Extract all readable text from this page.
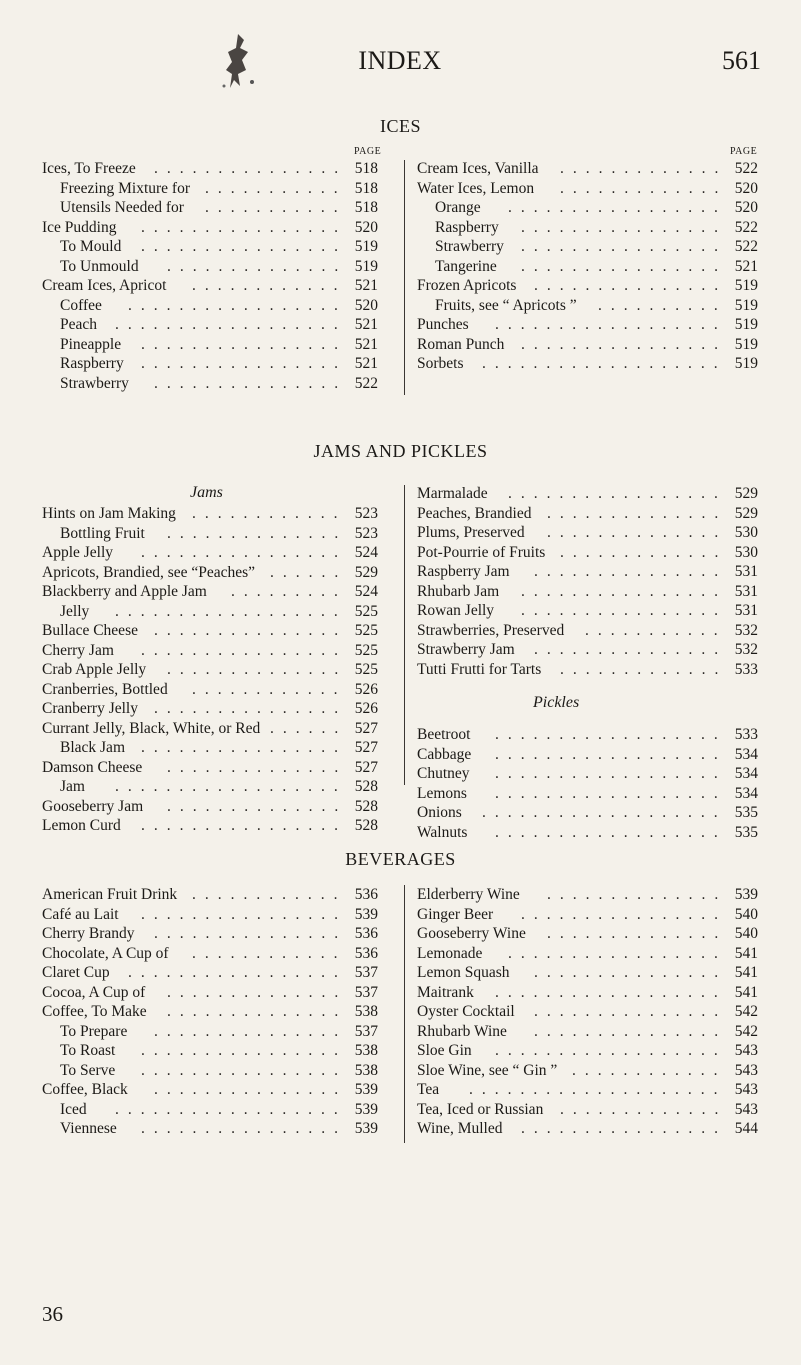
INDEX	561
ICES
PAGE	PAGE
Ices, To Freeze	518
...............
Freezing Mixture for	518
...........
Utensils Needed for	518
...........
Ice Pudding	520
................
To Mould	519
................
To Unmould	519
..............
Cream Ices, Apricot	521
............
Coffee	520
.................
Peach	521
..................
Pineapple	521
................
Raspberry	521
................
Strawberry	522
...............
Cream Ices, Vanilla	522
.............
Water Ices, Lemon	520
.............
Orange	520
.................
Raspberry	522
................
Strawberry	522
................
Tangerine	521
................
Frozen Apricots	519
...............
Fruits, see “ Apricots ”	519
..........
Punches	519
..................
Roman Punch	519
................
Sorbets	519
...................
JAMS AND PICKLES
Jams
Hints on Jam Making	523
............
Bottling Fruit	523
..............
Apple Jelly	524
................
Apricots, Brandied, see “Peaches”	529
......
Blackberry and Apple Jam	524
.........
Jelly	525
..................
Bullace Cheese	525
...............
Cherry Jam	525
................
Crab Apple Jelly	525
..............
Cranberries, Bottled	526
............
Cranberry Jelly	526
...............
Currant Jelly, Black, White, or Red	527
......
Black Jam	527
................
Damson Cheese	527
..............
Jam	528
..................
Gooseberry Jam	528
..............
Lemon Curd	528
................
Marmalade	529
.................
Peaches, Brandied	529
..............
Plums, Preserved	530
..............
Pot-Pourrie of Fruits	530
.............
Raspberry Jam	531
...............
Rhubarb Jam	531
................
Rowan Jelly	531
................
Strawberries, Preserved	532
...........
Strawberry Jam	532
...............
Tutti Frutti for Tarts	533
.............
Pickles
Beetroot	533
..................
Cabbage	534
..................
Chutney	534
..................
Lemons	534
..................
Onions	535
...................
Walnuts	535
..................
BEVERAGES
American Fruit Drink	536
............
Café au Lait	539
................
Cherry Brandy	536
...............
Chocolate, A Cup of	536
............
Claret Cup	537
.................
Cocoa, A Cup of	537
..............
Coffee, To Make	538
..............
To Prepare	537
...............
To Roast	538
................
To Serve	538
................
Coffee, Black	539
...............
Iced	539
..................
Viennese	539
................
Elderberry Wine	539
..............
Ginger Beer	540
................
Gooseberry Wine	540
..............
Lemonade	541
.................
Lemon Squash	541
...............
Maitrank	541
..................
Oyster Cocktail	542
...............
Rhubarb Wine	542
...............
Sloe Gin	543
..................
Sloe Wine, see “ Gin ”	543
............
Tea	543
....................
Tea, Iced or Russian	543
.............
Wine, Mulled	544
................
36
